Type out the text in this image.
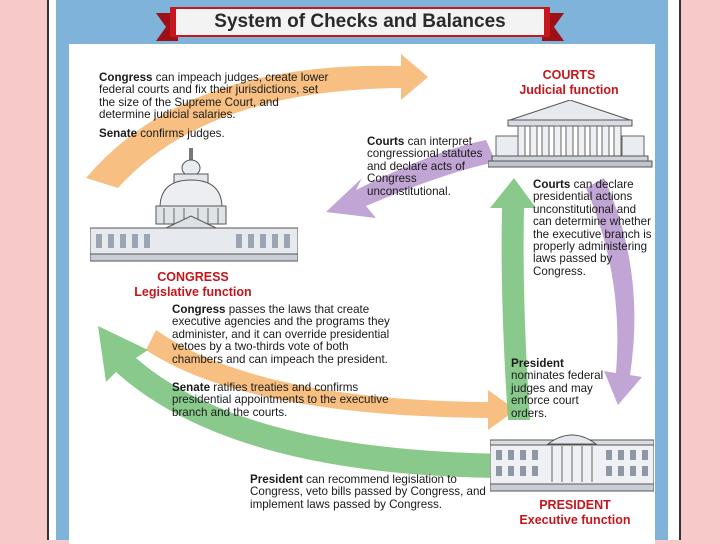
System of Checks and Balances
COURTS
Judicial function
CONGRESS
Legislative function
PRESIDENT
Executive function
Congress can impeach judges, create lower federal courts and fix their jurisdictions, set the size of the Supreme Court, and determine judicial salaries.
Senate confirms judges.
Courts can interpret congressional statutes and declare acts of Congress unconstitutional.
Courts can declare presidential actions unconstitutional and can determine whether the executive branch is properly administering laws passed by Congress.
Congress passes the laws that create executive agencies and the programs they administer, and it can override presidential vetoes by a two-thirds vote of both chambers and can impeach the president.
Senate ratifies treaties and confirms presidential appointments to the executive branch and the courts.
President nominates federal judges and may enforce court orders.
President can recommend legislation to Congress, veto bills passed by Congress, and implement laws passed by Congress.
